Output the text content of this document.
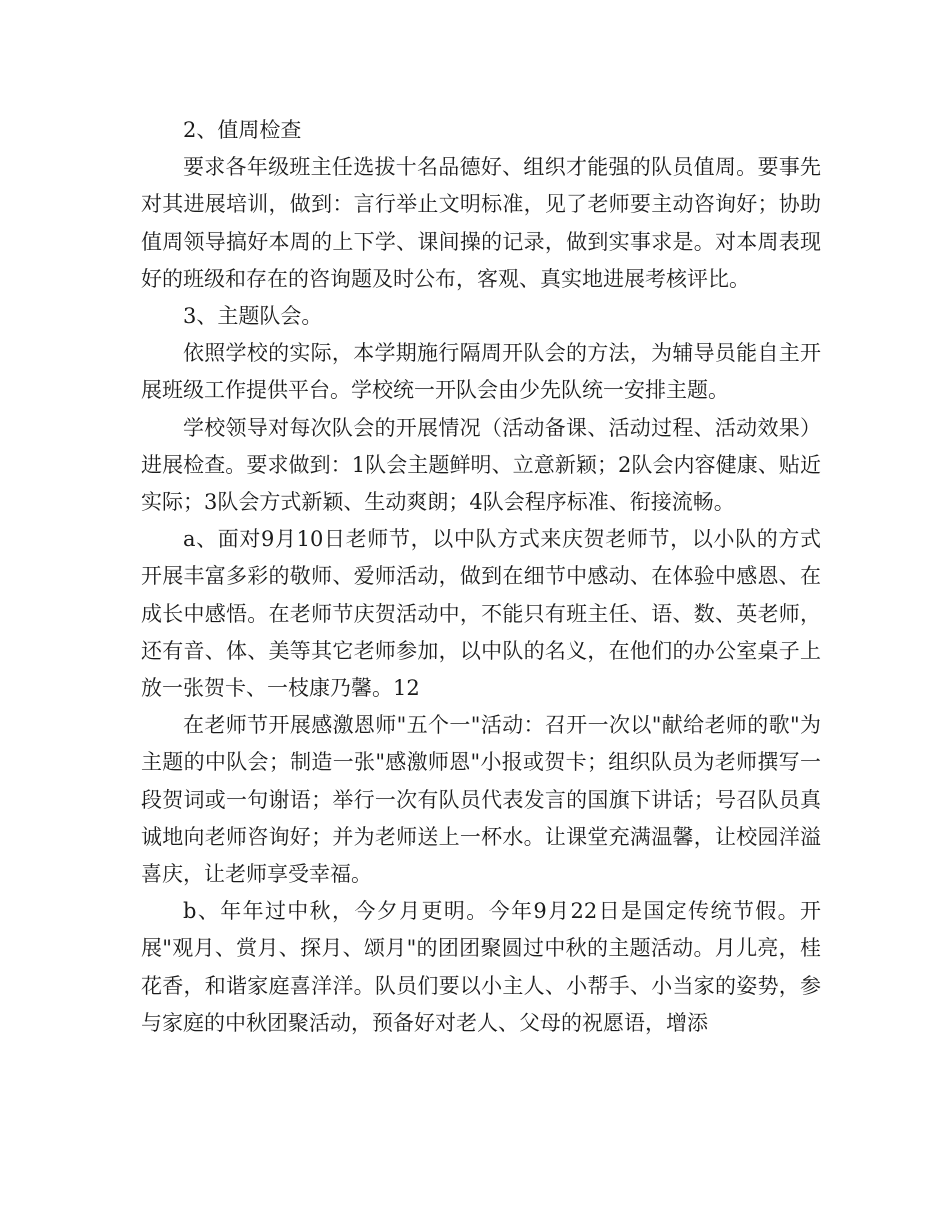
2、值周检查

要求各年级班主任选拔十名品德好、组织才能强的队员值周。要事先对其进展培训，做到：言行举止文明标准，见了老师要主动咨询好；协助值周领导搞好本周的上下学、课间操的记录，做到实事求是。对本周表现好的班级和存在的咨询题及时公布，客观、真实地进展考核评比。

3、主题队会。

依照学校的实际，本学期施行隔周开队会的方法，为辅导员能自主开展班级工作提供平台。学校统一开队会由少先队统一安排主题。

学校领导对每次队会的开展情况（活动备课、活动过程、活动效果）进展检查。要求做到：1队会主题鲜明、立意新颖；2队会内容健康、贴近实际；3队会方式新颖、生动爽朗；4队会程序标准、衔接流畅。

a、面对9月10日老师节，以中队方式来庆贺老师节，以小队的方式开展丰富多彩的敬师、爱师活动，做到在细节中感动、在体验中感恩、在成长中感悟。在老师节庆贺活动中，不能只有班主任、语、数、英老师，还有音、体、美等其它老师参加，以中队的名义，在他们的办公室桌子上放一张贺卡、一枝康乃馨。12

在老师节开展感激恩师"五个一"活动：召开一次以"献给老师的歌"为主题的中队会；制造一张"感激师恩"小报或贺卡；组织队员为老师撰写一段贺词或一句谢语；举行一次有队员代表发言的国旗下讲话；号召队员真诚地向老师咨询好；并为老师送上一杯水。让课堂充满温馨，让校园洋溢喜庆，让老师享受幸福。

b、年年过中秋，今夕月更明。今年9月22日是国定传统节假。开展"观月、赏月、探月、颂月"的团团聚圆过中秋的主题活动。月儿亮，桂花香，和谐家庭喜洋洋。队员们要以小主人、小帮手、小当家的姿势，参与家庭的中秋团聚活动，预备好对老人、父母的祝愿语，增添
